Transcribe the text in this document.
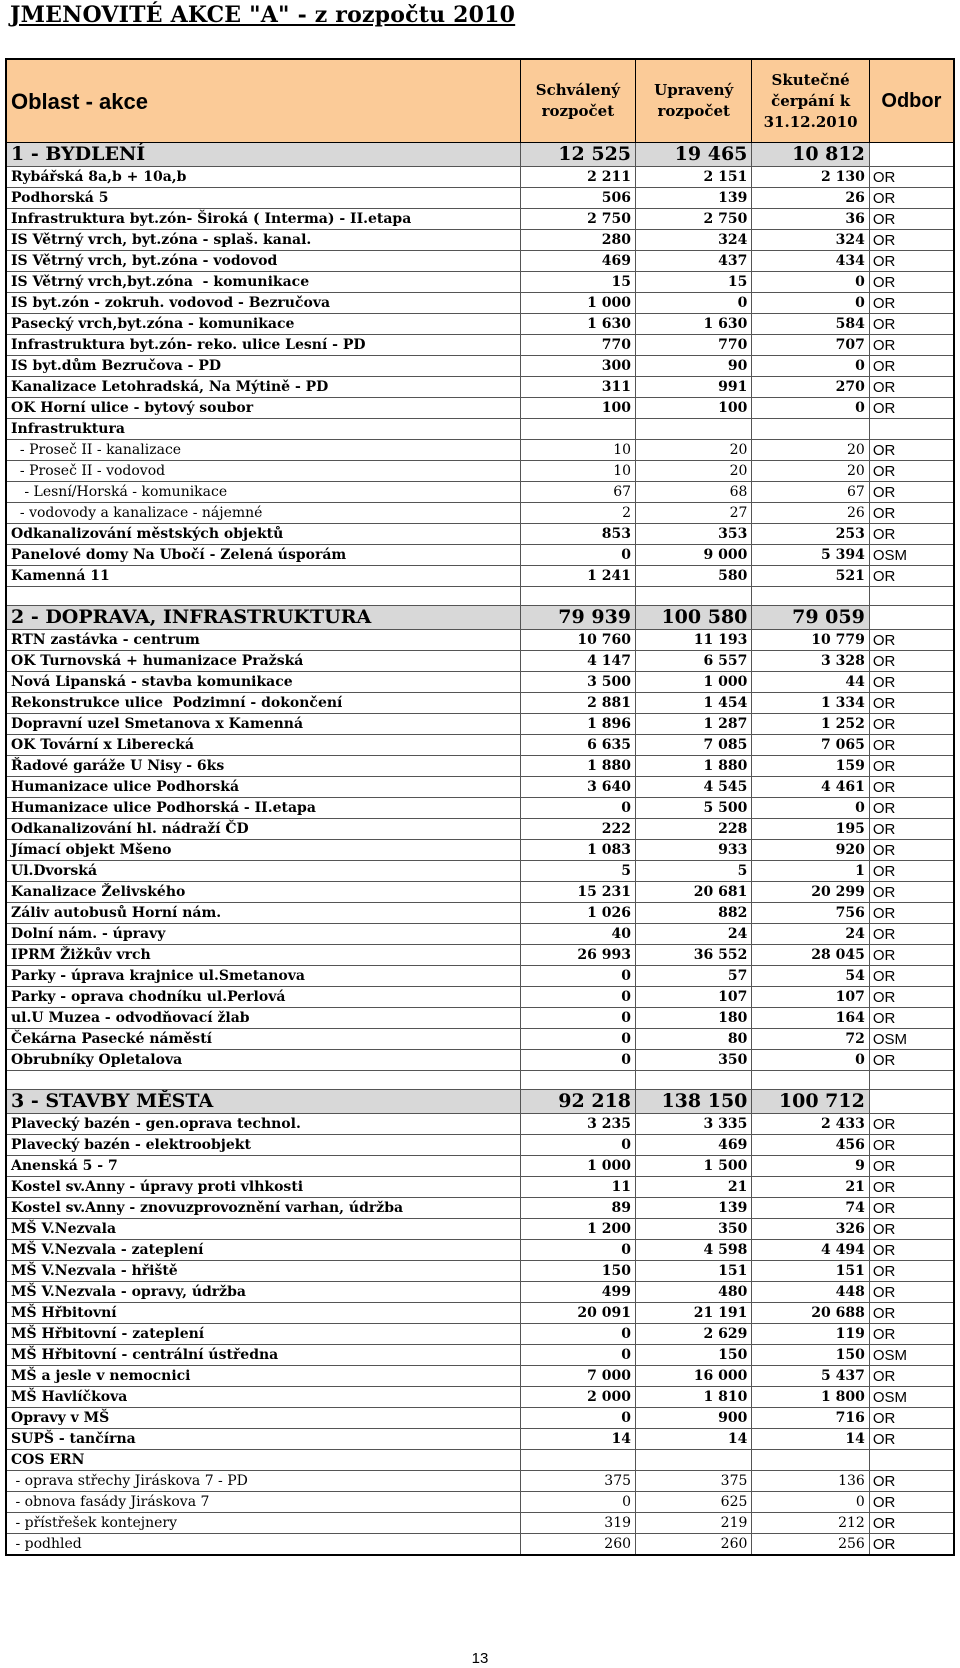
JMENOVITÉ AKCE "A" - z rozpočtu 2010
Oblast - akce	Schválený rozpočet	Upravený rozpočet	Skutečné čerpání k 31.12.2010	Odbor
1 - BYDLENÍ	12 525	19 465	10 812	
Rybářská 8a,b + 10a,b	2 211	2 151	2 130	OR
Podhorská 5	506	139	26	OR
Infrastruktura byt.zón- Široká ( Interma) - II.etapa	2 750	2 750	36	OR
IS Větrný vrch, byt.zóna - splaš. kanal.	280	324	324	OR
IS Větrný vrch, byt.zóna - vodovod	469	437	434	OR
IS Větrný vrch,byt.zóna  - komunikace	15	15	0	OR
IS byt.zón - zokruh. vodovod - Bezručova	1 000	0	0	OR
Pasecký vrch,byt.zóna - komunikace	1 630	1 630	584	OR
Infrastruktura byt.zón- reko. ulice Lesní - PD	770	770	707	OR
IS byt.dům Bezručova - PD	300	90	0	OR
Kanalizace Letohradská, Na Mýtině - PD	311	991	270	OR
OK Horní ulice - bytový soubor	100	100	0	OR
Infrastruktura				
- Proseč II - kanalizace	10	20	20	OR
- Proseč II - vodovod	10	20	20	OR
- Lesní/Horská - komunikace	67	68	67	OR
- vodovody a kanalizace - nájemné	2	27	26	OR
Odkanalizování městských objektů	853	353	253	OR
Panelové domy Na Ubočí - Zelená úsporám	0	9 000	5 394	OSM
Kamenná 11	1 241	580	521	OR

2 - DOPRAVA, INFRASTRUKTURA	79 939	100 580	79 059	
RTN zastávka - centrum	10 760	11 193	10 779	OR
OK Turnovská + humanizace Pražská	4 147	6 557	3 328	OR
Nová Lipanská - stavba komunikace	3 500	1 000	44	OR
Rekonstrukce ulice  Podzimní - dokončení	2 881	1 454	1 334	OR
Dopravní uzel Smetanova x Kamenná	1 896	1 287	1 252	OR
OK Tovární x Liberecká	6 635	7 085	7 065	OR
Řadové garáže U Nisy - 6ks	1 880	1 880	159	OR
Humanizace ulice Podhorská	3 640	4 545	4 461	OR
Humanizace ulice Podhorská - II.etapa	0	5 500	0	OR
Odkanalizování hl. nádraží ČD	222	228	195	OR
Jímací objekt Mšeno	1 083	933	920	OR
Ul.Dvorská	5	5	1	OR
Kanalizace Želivského	15 231	20 681	20 299	OR
Záliv autobusů Horní nám.	1 026	882	756	OR
Dolní nám. - úpravy	40	24	24	OR
IPRM Žižkův vrch	26 993	36 552	28 045	OR
Parky - úprava krajnice ul.Smetanova	0	57	54	OR
Parky - oprava chodníku ul.Perlová	0	107	107	OR
ul.U Muzea - odvodňovací žlab	0	180	164	OR
Čekárna Pasecké náměstí	0	80	72	OSM
Obrubníky Opletalova	0	350	0	OR

3 - STAVBY MĚSTA	92 218	138 150	100 712	
Plavecký bazén - gen.oprava technol.	3 235	3 335	2 433	OR
Plavecký bazén - elektroobjekt	0	469	456	OR
Anenská 5 - 7	1 000	1 500	9	OR
Kostel sv.Anny - úpravy proti vlhkosti	11	21	21	OR
Kostel sv.Anny - znovuzprovoznění varhan, údržba	89	139	74	OR
MŠ V.Nezvala	1 200	350	326	OR
MŠ V.Nezvala - zateplení	0	4 598	4 494	OR
MŠ V.Nezvala - hřiště	150	151	151	OR
MŠ V.Nezvala - opravy, údržba	499	480	448	OR
MŠ Hřbitovní	20 091	21 191	20 688	OR
MŠ Hřbitovní - zateplení	0	2 629	119	OR
MŠ Hřbitovní - centrální ústředna	0	150	150	OSM
MŠ a jesle v nemocnici	7 000	16 000	5 437	OR
MŠ Havlíčkova	2 000	1 810	1 800	OSM
Opravy v MŠ	0	900	716	OR
SUPŠ - tančírna	14	14	14	OR
COS ERN				
- oprava střechy Jiráskova 7 - PD	375	375	136	OR
- obnova fasády Jiráskova 7	0	625	0	OR
- přístřešek kontejnery	319	219	212	OR
- podhled	260	260	256	OR
13
